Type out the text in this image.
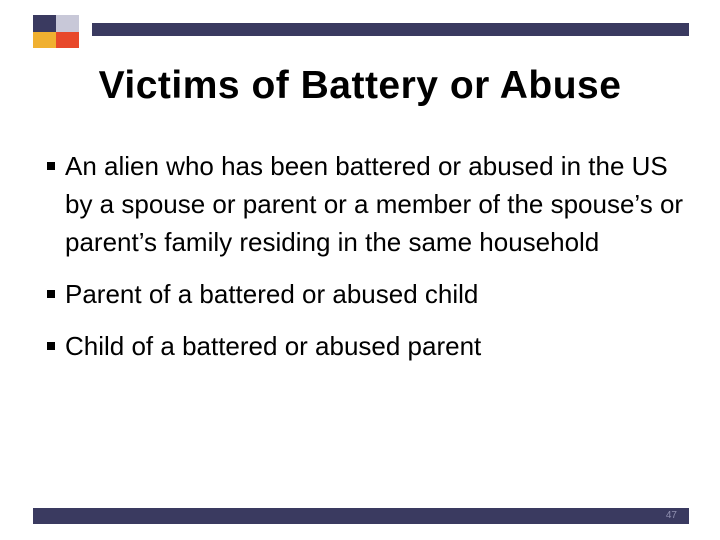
Victims of Battery or Abuse
An alien who has been battered or abused in the US by a spouse or parent or a member of the spouse’s or parent’s family residing in the same household
Parent of a battered or abused child
Child of a battered or abused parent
47
